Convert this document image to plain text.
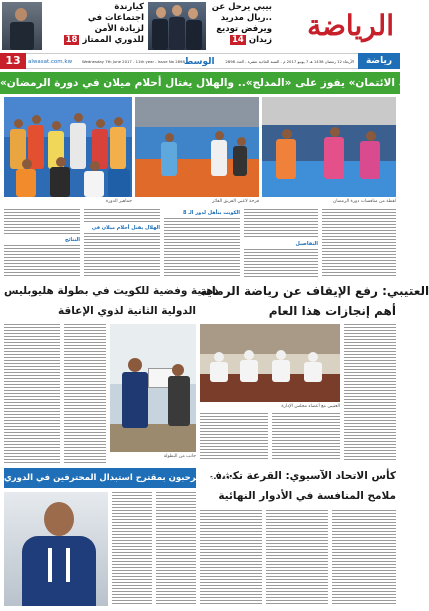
الرياضة
بيبي يرحل عن
ريال مدريد..
ويرفض توديع
زيدان 14
كيارندة
اجتماعات في
لزيادة الأمن
للدوري الممتاز 18
13	alwasat.com.kw	Wednesday 7th June 2017 - 11th year - Issue No 2898 الوسط	الأربعاء 12 رمضان 1438 هـ 7 يونيو 2017 م - السنة الحادية عشرة - العدد 2898	رياضة
«بنك الائتمان» يفوز على «المدلج».. والهلال يغتال أحلام ميلان في دورة الرمضان
جماهير الدورة	فرحة لاعبي الفريق الفائز	لقطة من منافسات دورة الرمضان
النتائج
الهلال يقتل أحلام ميلان في
الكويت يتأهل لدور الـ 8
التفاصيل
العتيبي: رفع الإيقاف عن رياضة الرماية
أهم إنجازات هذا العام
ذهبية وفضية للكويت في بطولة هليوبليس
الدولية الثانية لذوي الإعاقة
العتيبي مع أعضاء مجلس الإدارة
جانب من البطولة
كأس الاتحاد الآسيوي: القرعة تكشف
ملامح المنافسة في الأدوار النهائية
مدربون يرحبون بمقترح استبدال المحترفين في الدوري
